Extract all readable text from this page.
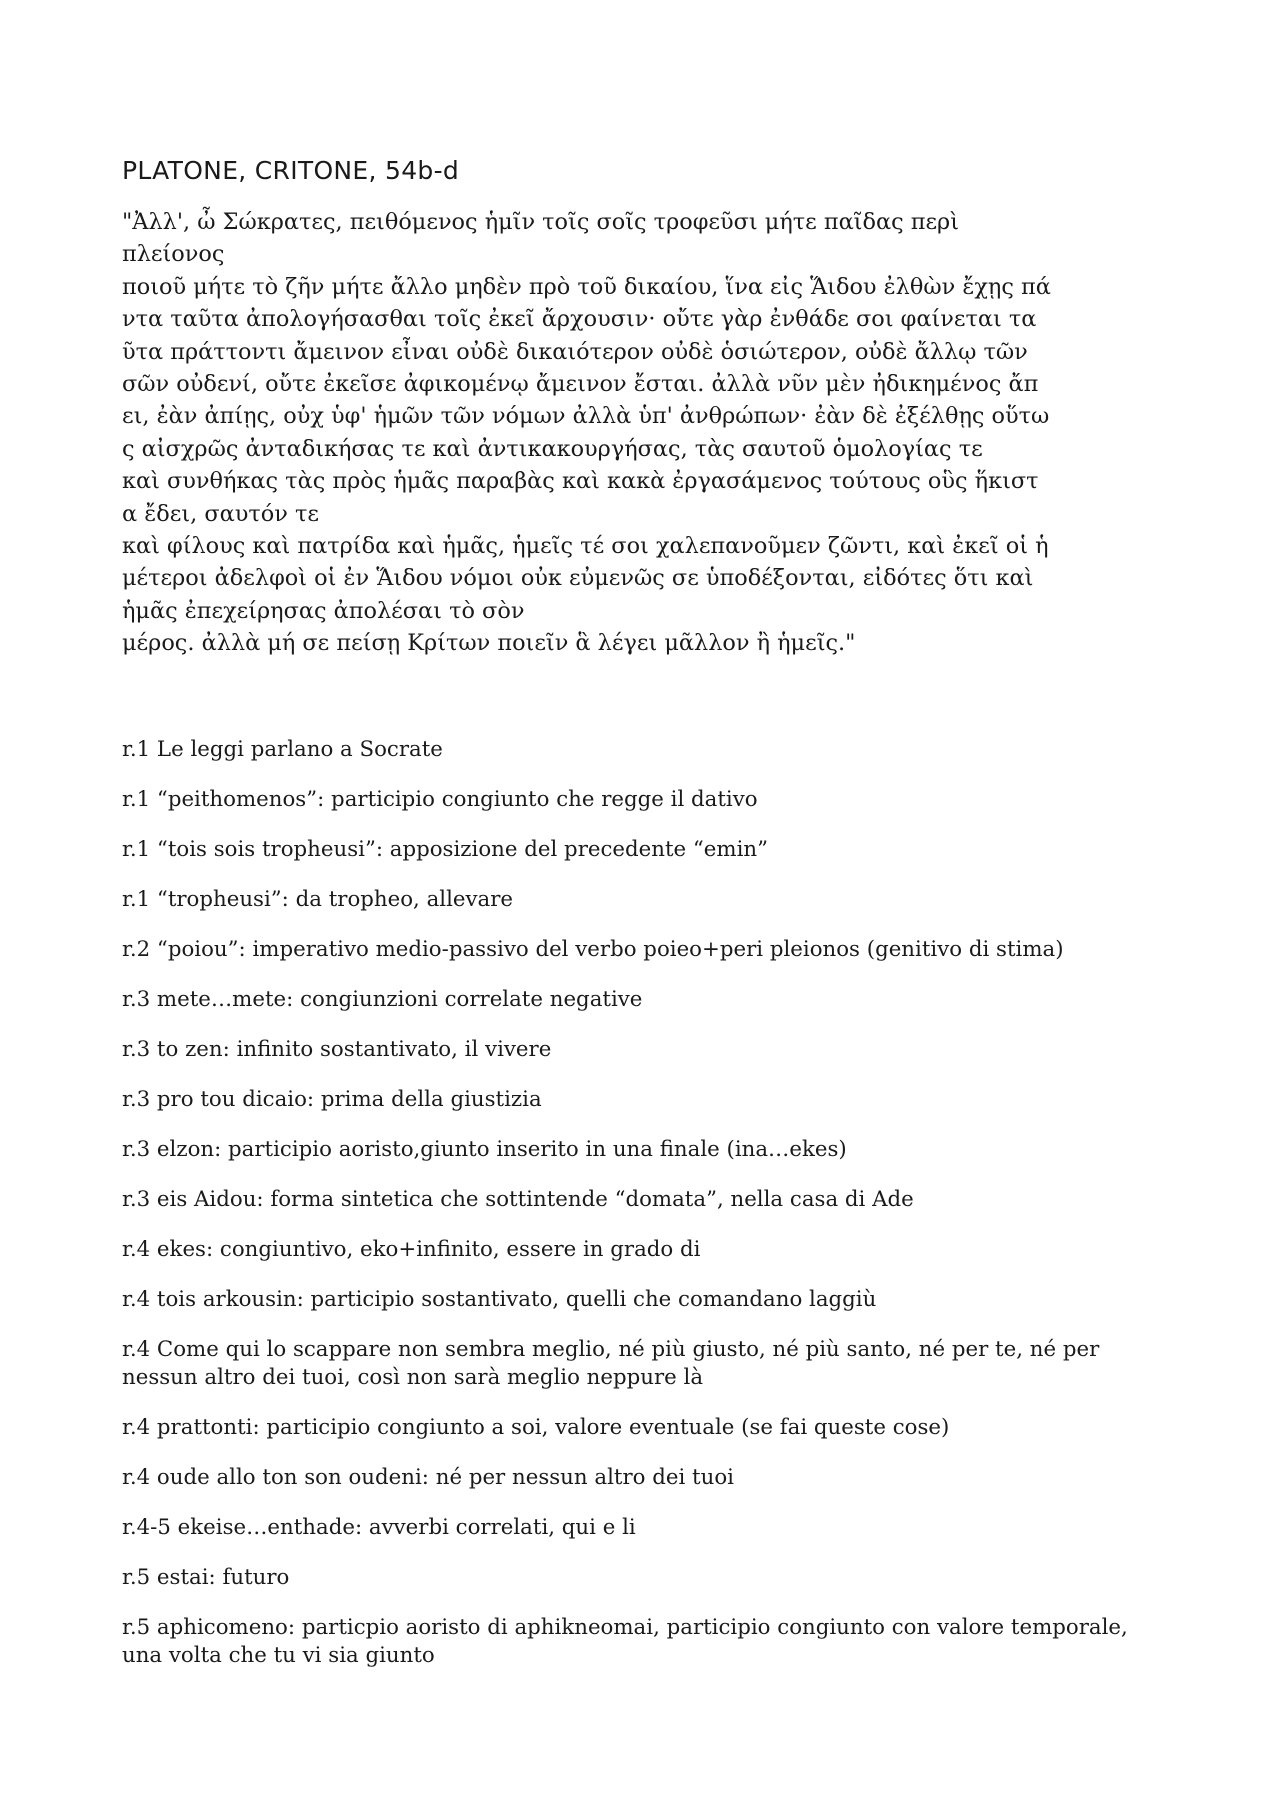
PLATONE, CRITONE, 54b-d
"Ἀλλ', ὦ Σώκρατες, πειθόμενος ἡμῖν τοῖς σοῖς τροφεῦσι μήτε παῖδας περὶ
πλείονος
ποιοῦ μήτε τὸ ζῆν μήτε ἄλλο μηδὲν πρὸ τοῦ δικαίου, ἵνα εἰς Ἅιδου ἐλθὼν ἔχῃς πά
ντα ταῦτα ἀπολογήσασθαι τοῖς ἐκεῖ ἄρχουσιν· οὔτε γὰρ ἐνθάδε σοι φαίνεται τα
ῦτα πράττοντι ἄμεινον εἶναι οὐδὲ δικαιότερον οὐδὲ ὁσιώτερον, οὐδὲ ἄλλῳ τῶν
σῶν οὐδενί, οὔτε ἐκεῖσε ἀφικομένῳ ἄμεινον ἔσται. ἀλλὰ νῦν μὲν ἠδικημένος ἄπ
ει, ἐὰν ἀπίῃς, οὐχ ὑφ' ἡμῶν τῶν νόμων ἀλλὰ ὑπ' ἀνθρώπων· ἐὰν δὲ ἐξέλθῃς οὕτω
ς αἰσχρῶς ἀνταδικήσας τε καὶ ἀντικακουργήσας, τὰς σαυτοῦ ὁμολογίας τε
καὶ συνθήκας τὰς πρὸς ἡμᾶς παραβὰς καὶ κακὰ ἐργασάμενος τούτους οὓς ἥκιστ
α ἔδει, σαυτόν τε
καὶ φίλους καὶ πατρίδα καὶ ἡμᾶς, ἡμεῖς τέ σοι χαλεπανοῦμεν ζῶντι, καὶ ἐκεῖ οἱ ἡ
μέτεροι ἀδελφοὶ οἱ ἐν Ἅιδου νόμοι οὐκ εὐμενῶς σε ὑποδέξονται, εἰδότες ὅτι καὶ
ἡμᾶς ἐπεχείρησας ἀπολέσαι τὸ σὸν
μέρος. ἀλλὰ μή σε πείσῃ Κρίτων ποιεῖν ἃ λέγει μᾶλλον ἢ ἡμεῖς."
r.1 Le leggi parlano a Socrate
r.1 “peithomenos”: participio congiunto che regge il dativo
r.1 “tois sois tropheusi”: apposizione del precedente “emin”
r.1 “tropheusi”: da tropheo, allevare
r.2 “poiou”: imperativo medio-passivo del verbo poieo+peri pleionos (genitivo di stima)
r.3 mete…mete: congiunzioni correlate negative
r.3 to zen: infinito sostantivato, il vivere
r.3 pro tou dicaio: prima della giustizia
r.3 elzon: participio aoristo,giunto inserito in una finale (ina…ekes)
r.3 eis Aidou: forma sintetica che sottintende “domata”, nella casa di Ade
r.4 ekes: congiuntivo, eko+infinito, essere in grado di
r.4 tois arkousin: participio sostantivato, quelli che comandano laggiù
r.4 Come qui lo scappare non sembra meglio, né più giusto, né più santo, né per te, né per nessun altro dei tuoi, così non sarà meglio neppure là
r.4 prattonti: participio congiunto a soi, valore eventuale (se fai queste cose)
r.4 oude allo ton son oudeni: né per nessun altro dei tuoi
r.4-5 ekeise…enthade: avverbi correlati, qui e li
r.5 estai: futuro
r.5 aphicomeno: particpio aoristo di aphikneomai, participio congiunto con valore temporale, una volta che tu vi sia giunto
